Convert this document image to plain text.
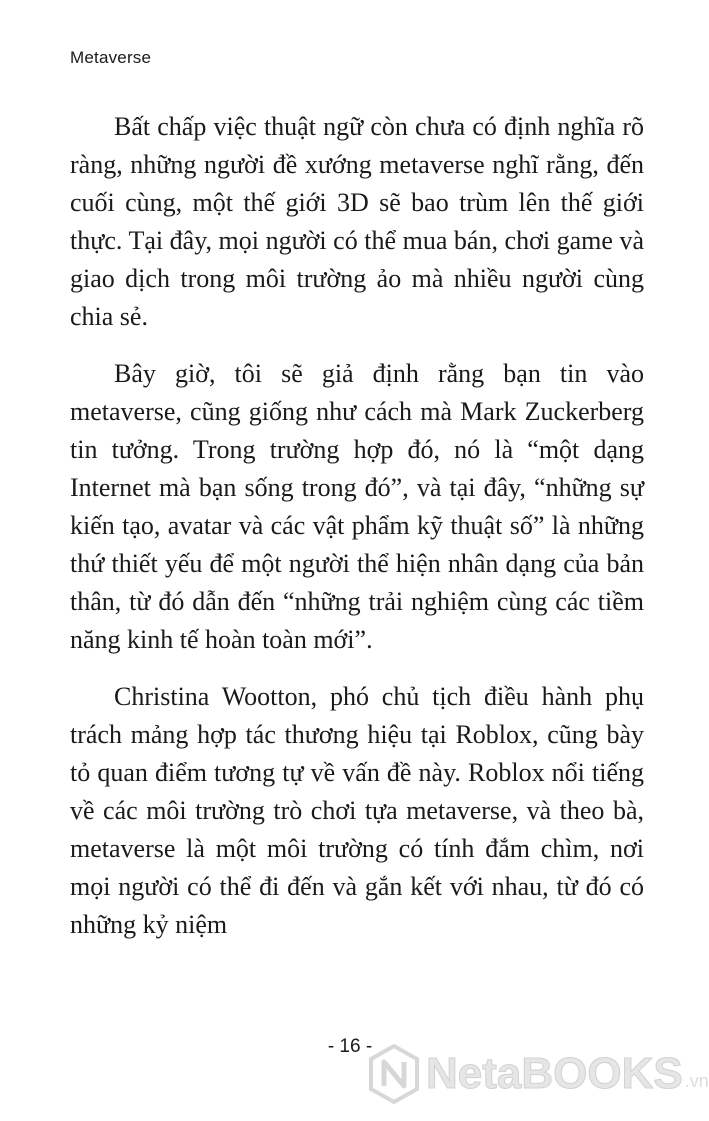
Metaverse

Bất chấp việc thuật ngữ còn chưa có định nghĩa rõ ràng, những người đề xướng metaverse nghĩ rằng, đến cuối cùng, một thế giới 3D sẽ bao trùm lên thế giới thực. Tại đây, mọi người có thể mua bán, chơi game và giao dịch trong môi trường ảo mà nhiều người cùng chia sẻ.

Bây giờ, tôi sẽ giả định rằng bạn tin vào metaverse, cũng giống như cách mà Mark Zuckerberg tin tưởng. Trong trường hợp đó, nó là “một dạng Internet mà bạn sống trong đó”, và tại đây, “những sự kiến tạo, avatar và các vật phẩm kỹ thuật số” là những thứ thiết yếu để một người thể hiện nhân dạng của bản thân, từ đó dẫn đến “những trải nghiệm cùng các tiềm năng kinh tế hoàn toàn mới”.

Christina Wootton, phó chủ tịch điều hành phụ trách mảng hợp tác thương hiệu tại Roblox, cũng bày tỏ quan điểm tương tự về vấn đề này. Roblox nổi tiếng về các môi trường trò chơi tựa metaverse, và theo bà, metaverse là một môi trường có tính đắm chìm, nơi mọi người có thể đi đến và gắn kết với nhau, từ đó có những kỷ niệm

- 16 -
NetaBOOKS .vn
